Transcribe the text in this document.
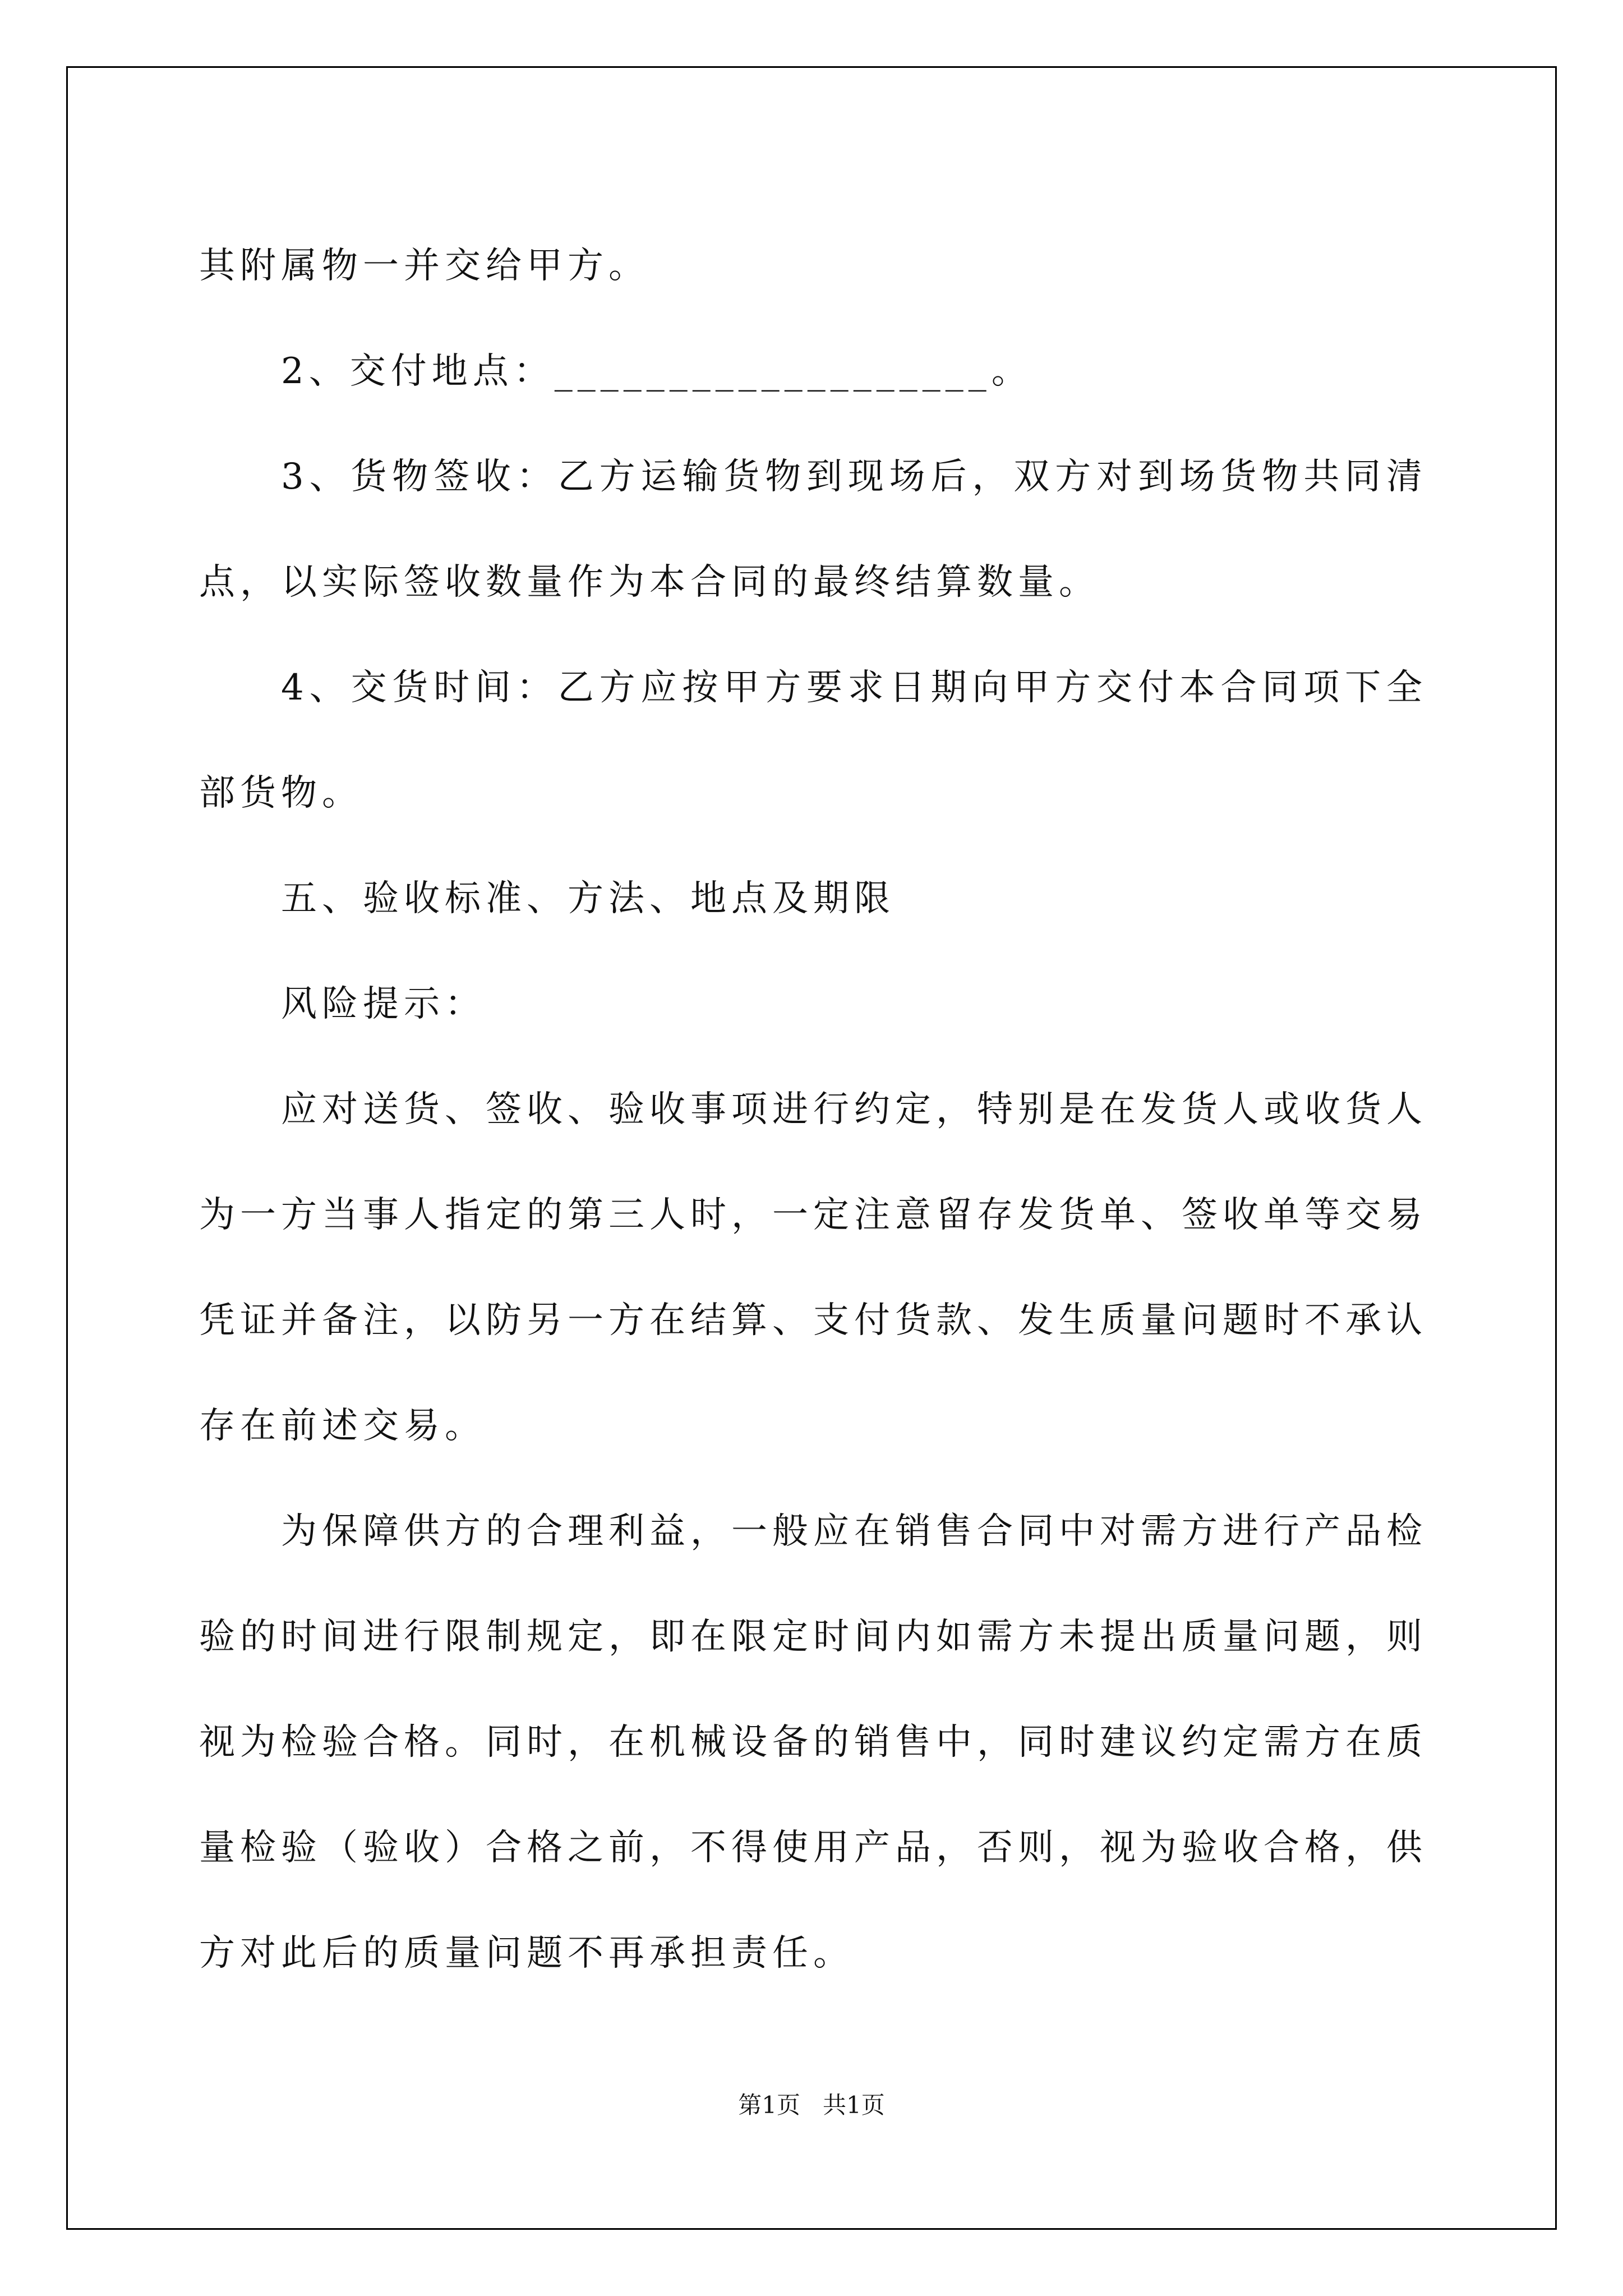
其附属物一并交给甲方。

2、交付地点：___________________。

3、货物签收：乙方运输货物到现场后，双方对到场货物共同清点，以实际签收数量作为本合同的最终结算数量。

4、交货时间：乙方应按甲方要求日期向甲方交付本合同项下全部货物。

五、验收标准、方法、地点及期限

风险提示：

应对送货、签收、验收事项进行约定，特别是在发货人或收货人为一方当事人指定的第三人时，一定注意留存发货单、签收单等交易凭证并备注，以防另一方在结算、支付货款、发生质量问题时不承认存在前述交易。

为保障供方的合理利益，一般应在销售合同中对需方进行产品检验的时间进行限制规定，即在限定时间内如需方未提出质量问题，则视为检验合格。同时，在机械设备的销售中，同时建议约定需方在质量检验（验收）合格之前，不得使用产品，否则，视为验收合格，供方对此后的质量问题不再承担责任。

第1页   共1页
